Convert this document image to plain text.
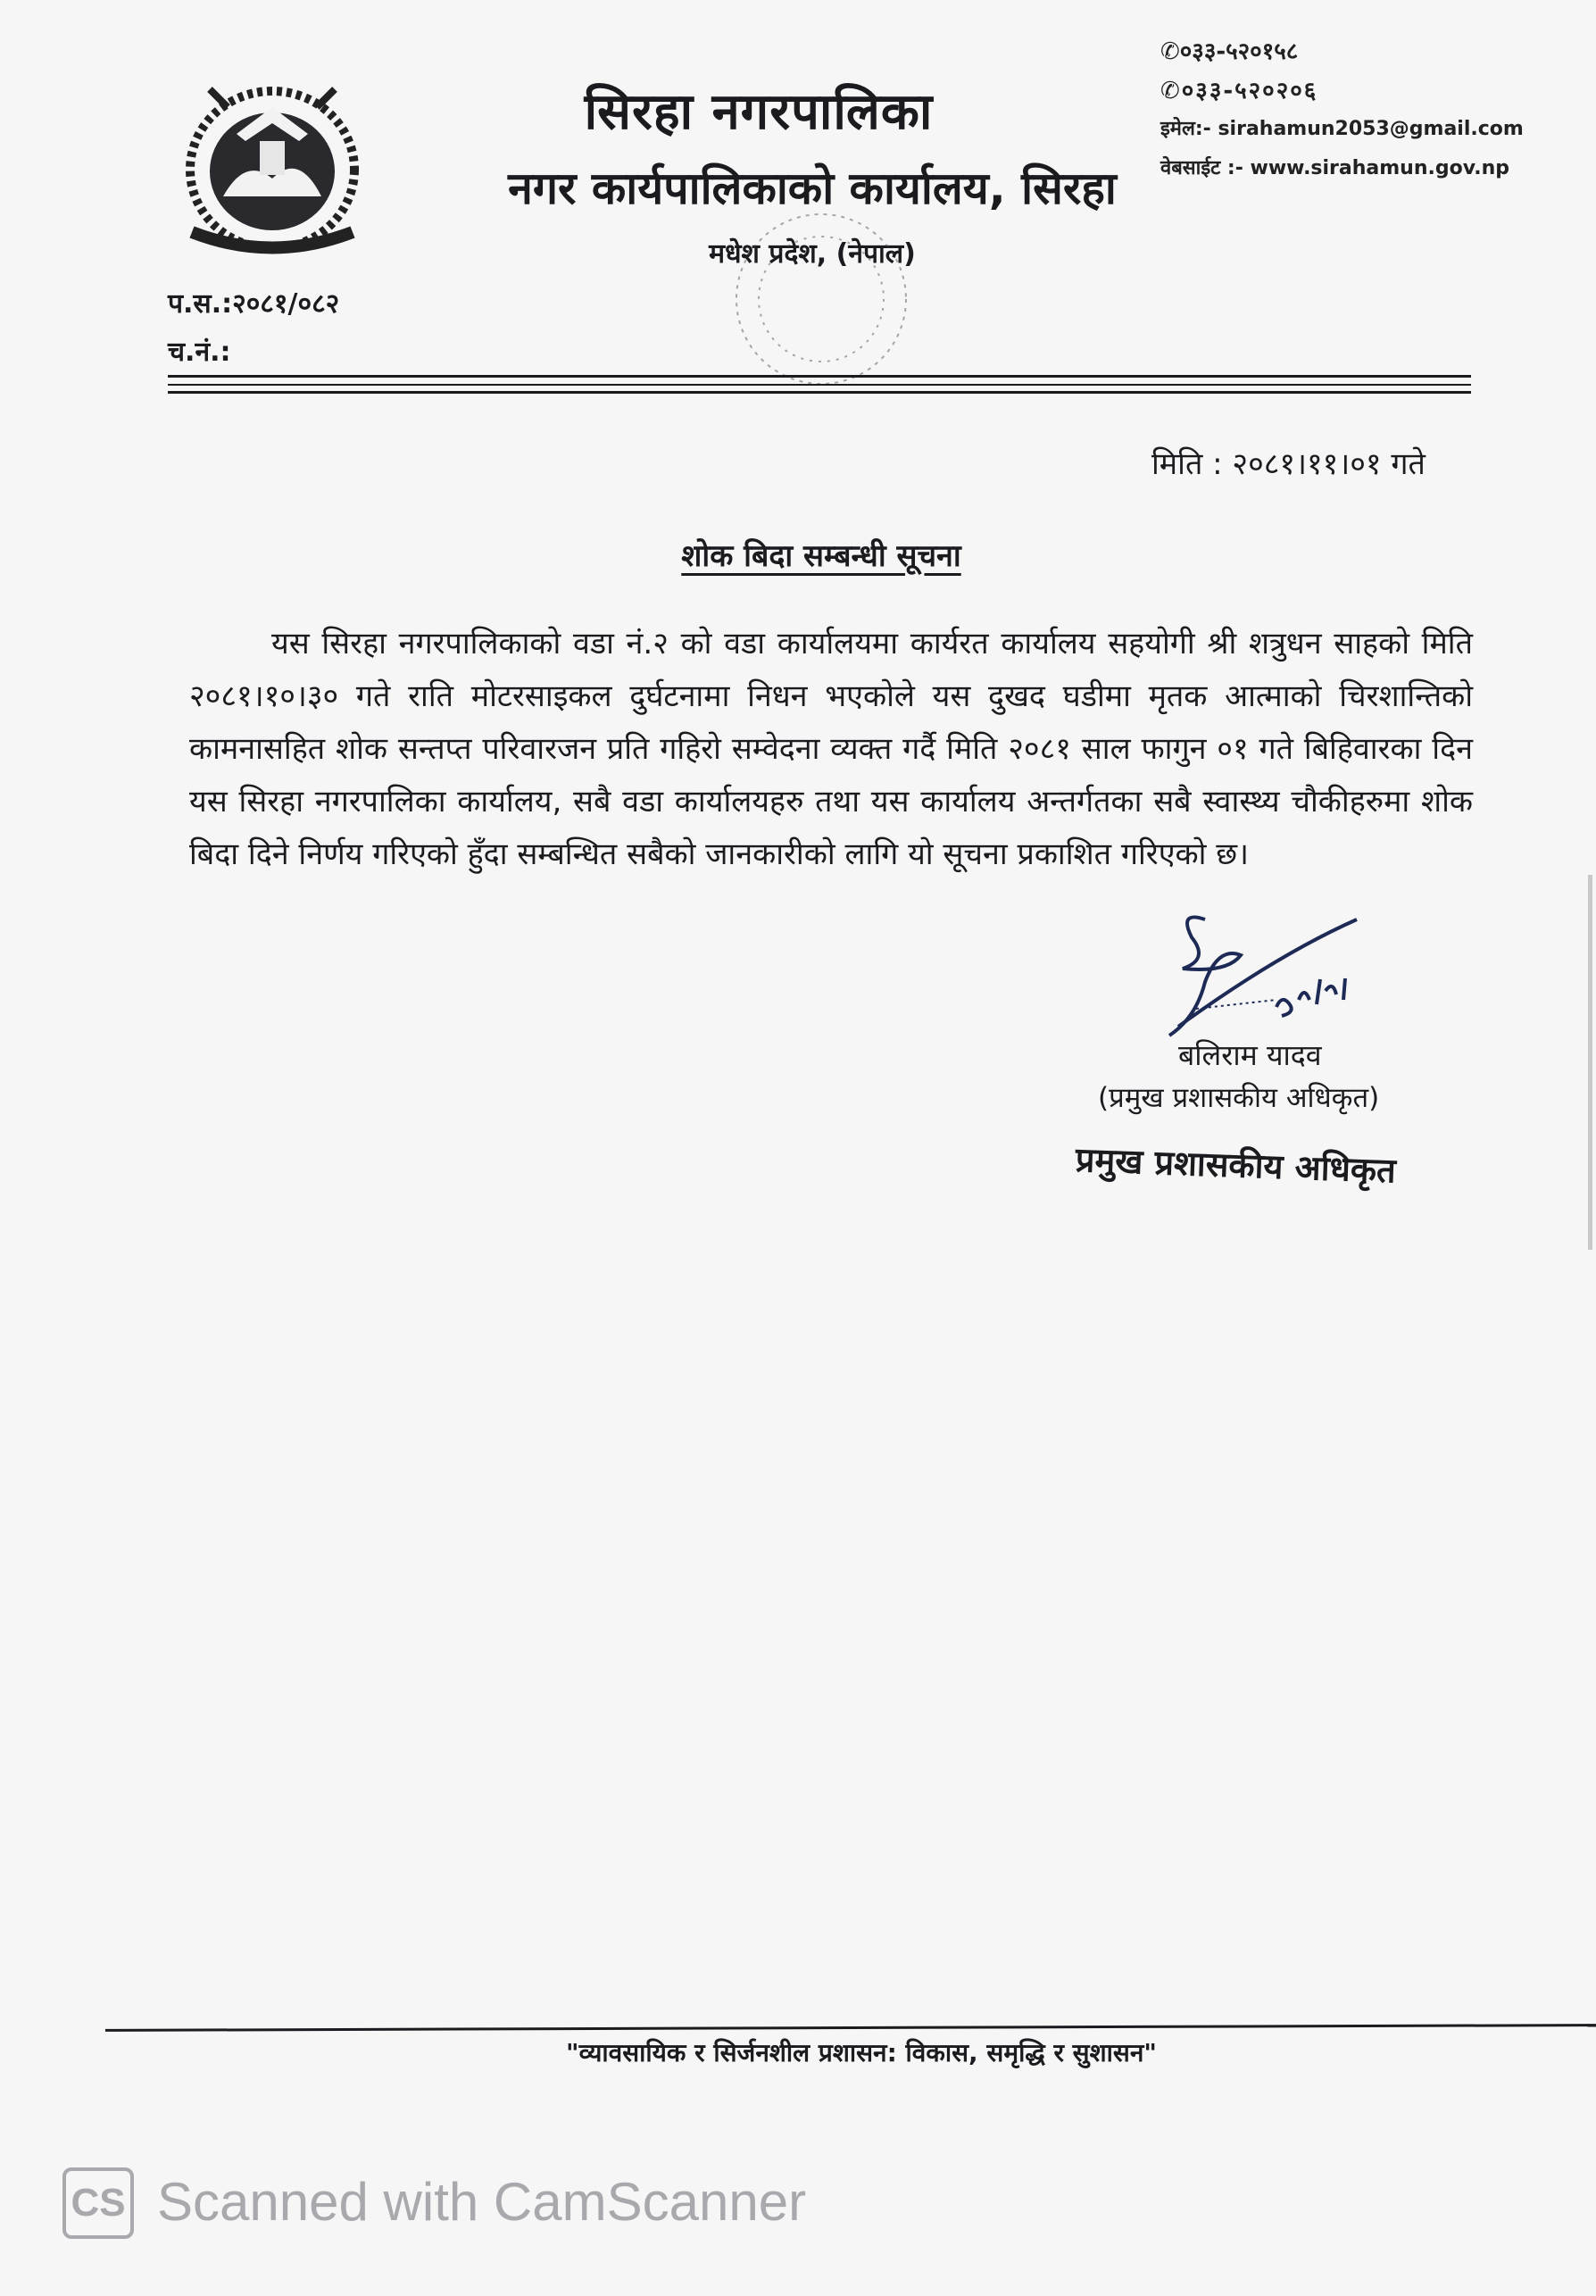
सिरहा नगरपालिका
नगर कार्यपालिकाको कार्यालय, सिरहा
मधेश प्रदेश, (नेपाल)
✆०३३-५२०१५८
✆०३३-५२०२०६
इमेल:- sirahamun2053@gmail.com
वेबसाईट :- www.sirahamun.gov.np
प.स.:२०८१/०८२
च.नं.:
मिति : २०८१।११।०१ गते
शोक बिदा सम्बन्धी सूचना
यस सिरहा नगरपालिकाको वडा नं.२ को वडा कार्यालयमा कार्यरत कार्यालय सहयोगी श्री शत्रुधन साहको मिति २०८१।१०।३० गते राति मोटरसाइकल दुर्घटनामा निधन भएकोले यस दुखद घडीमा मृतक आत्माको चिरशान्तिको कामनासहित शोक सन्तप्त परिवारजन प्रति गहिरो सम्वेदना व्यक्त गर्दै मिति २०८१ साल फागुन ०१ गते बिहिवारका दिन यस सिरहा नगरपालिका कार्यालय, सबै वडा कार्यालयहरु तथा यस कार्यालय अन्तर्गतका सबै स्वास्थ्य चौकीहरुमा शोक बिदा दिने निर्णय गरिएको हुँदा सम्बन्धित सबैको जानकारीको लागि यो सूचना प्रकाशित गरिएको छ।
बलिराम यादव
(प्रमुख प्रशासकीय अधिकृत)
प्रमुख प्रशासकीय अधिकृत
"व्यावसायिक र सिर्जनशील प्रशासन: विकास, समृद्धि र सुशासन"
CS Scanned with CamScanner
